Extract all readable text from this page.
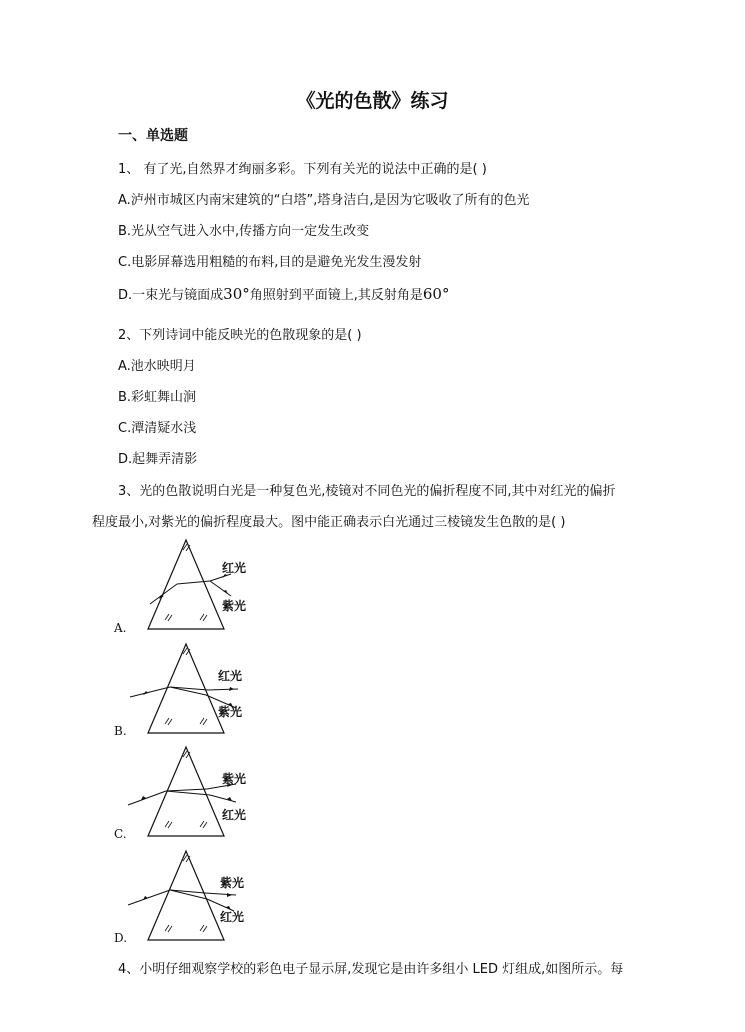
《光的色散》练习
一、单选题
1、 有了光,自然界才绚丽多彩。下列有关光的说法中正确的是( )
A.泸州市城区内南宋建筑的“白塔”,塔身洁白,是因为它吸收了所有的色光
B.光从空气进入水中,传播方向一定发生改变
C.电影屏幕选用粗糙的布料,目的是避免光发生漫发射
D.一束光与镜面成30°角照射到平面镜上,其反射角是60°
2、下列诗词中能反映光的色散现象的是( )
A.池水映明月
B.彩虹舞山涧
C.潭清疑水浅
D.起舞弄清影
3、光的色散说明白光是一种复色光,棱镜对不同色光的偏折程度不同,其中对红光的偏折
程度最小,对紫光的偏折程度最大。图中能正确表示白光通过三棱镜发生色散的是( )
红光
紫光
A.
红光
紫光
B.
紫光
红光
C.
紫光
红光
D.
4、小明仔细观察学校的彩色电子显示屏,发现它是由许多组小 LED 灯组成,如图所示。每
